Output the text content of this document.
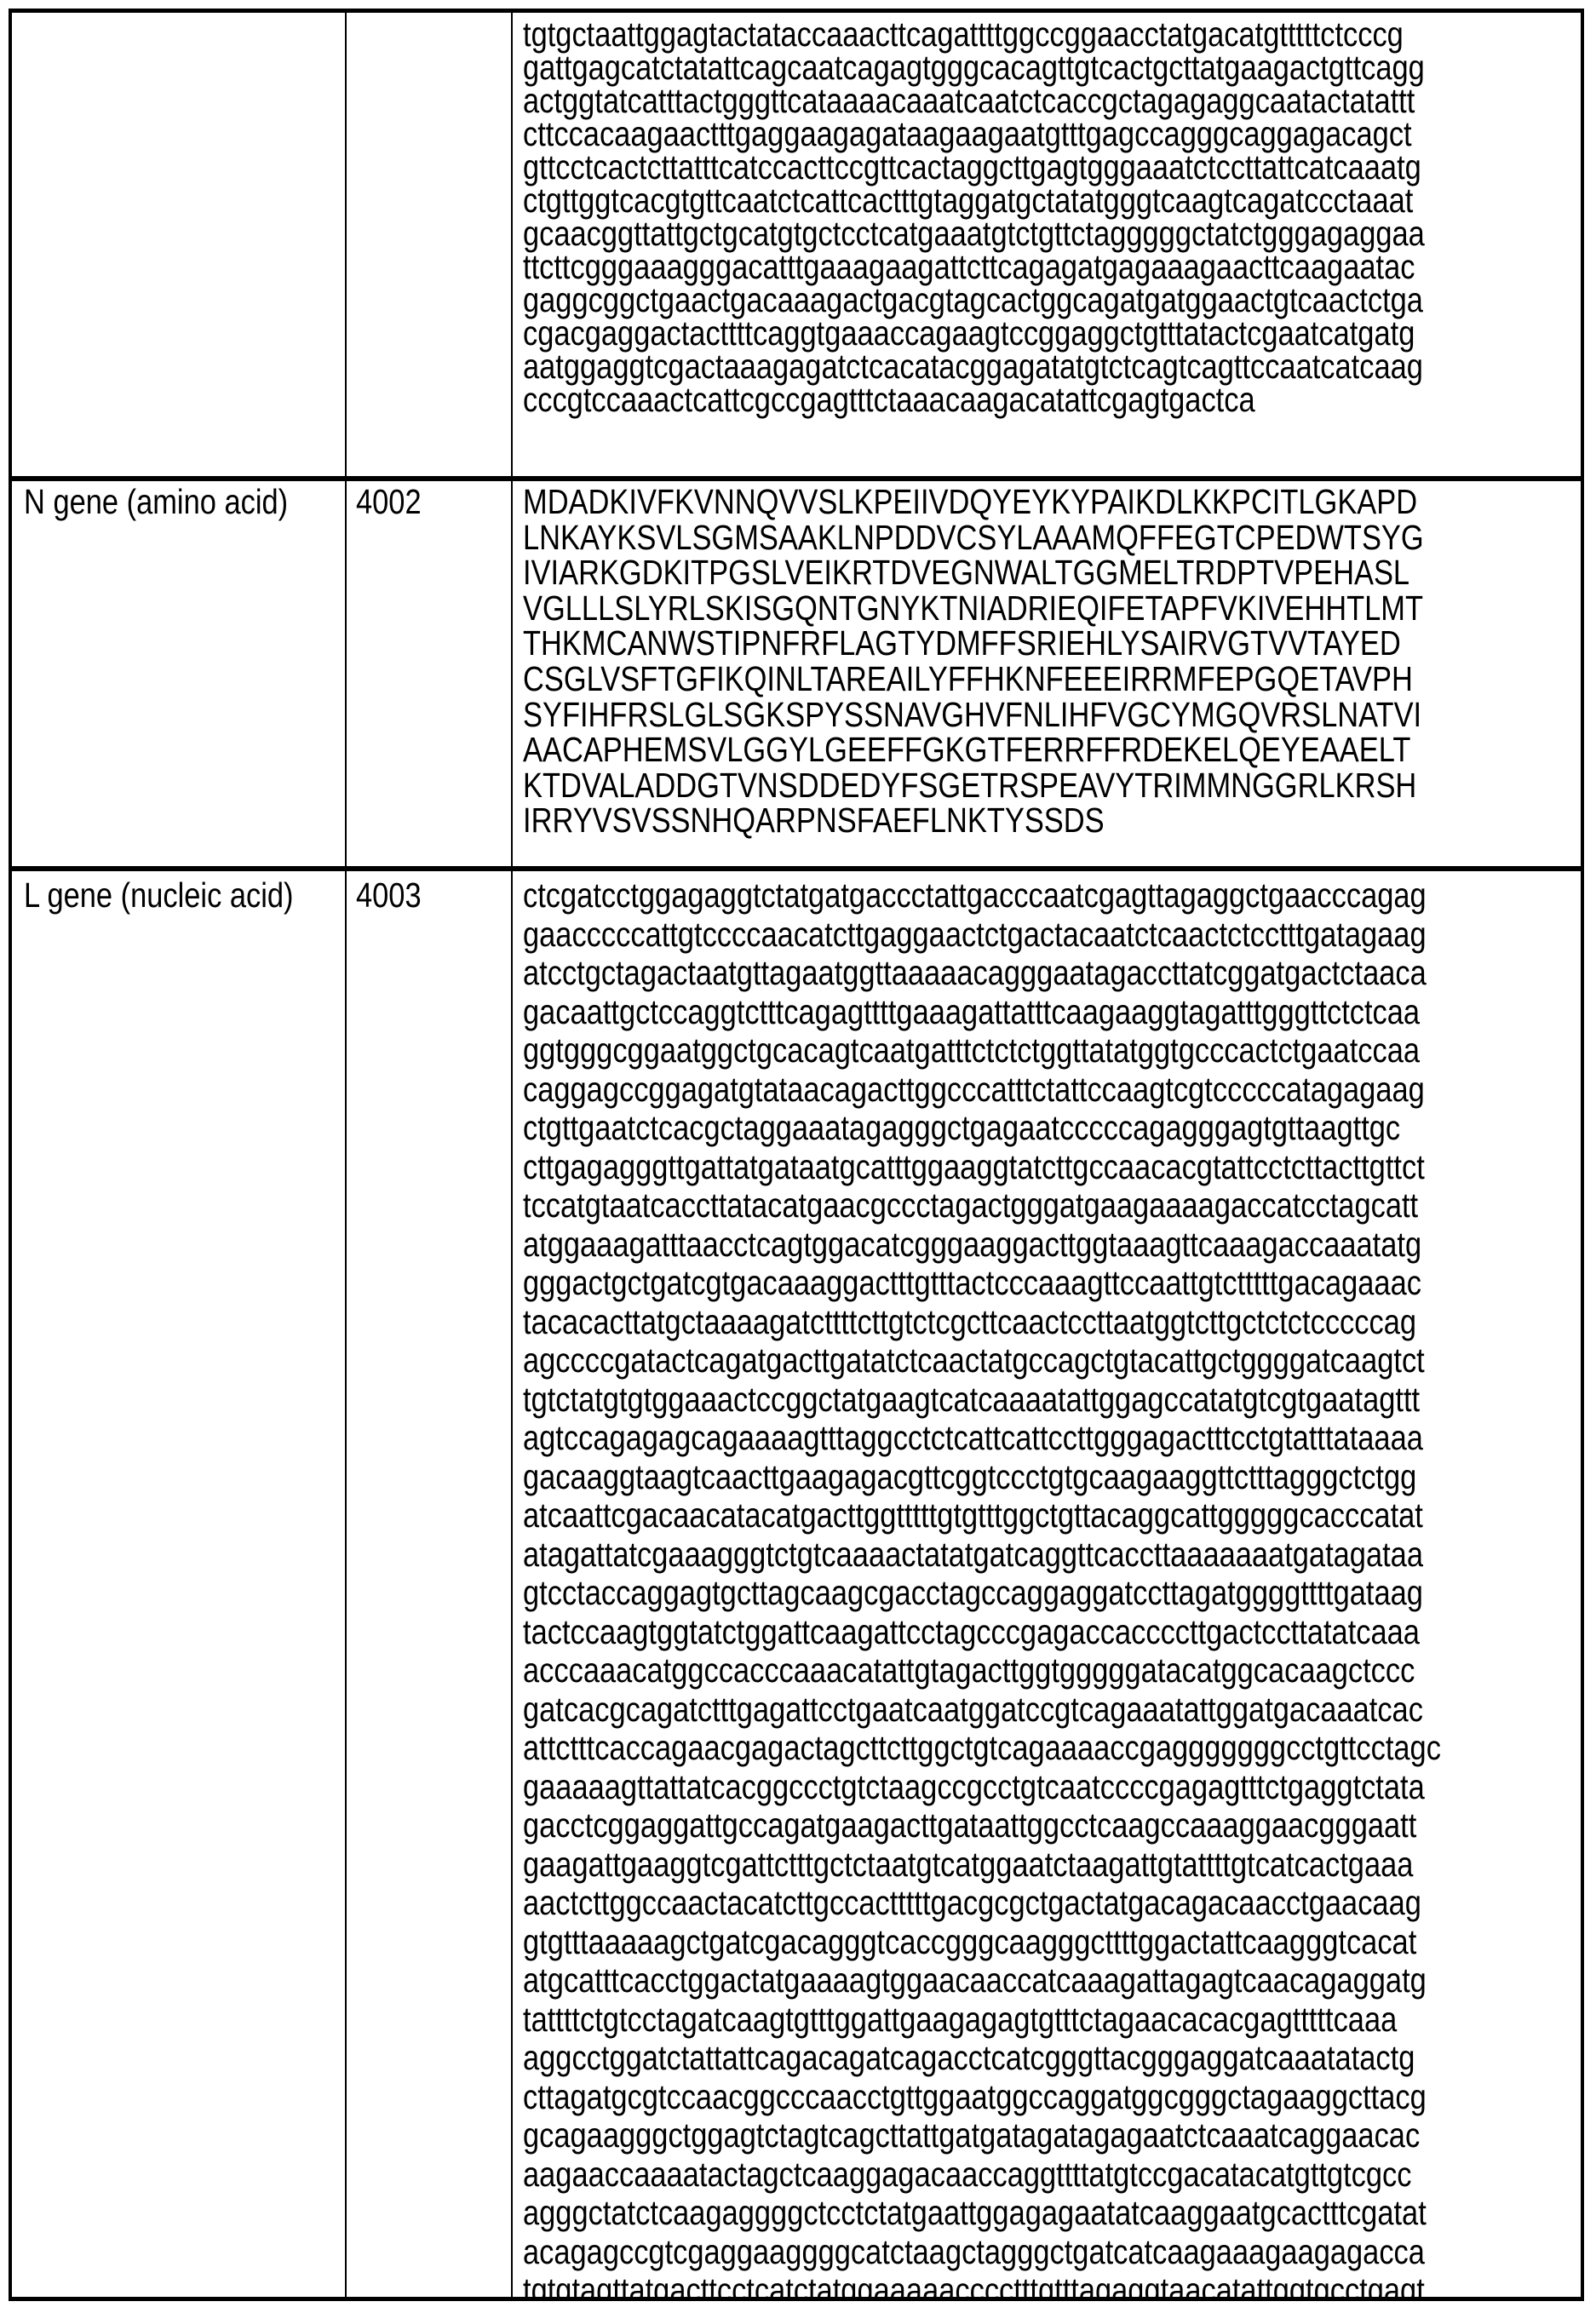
tgtgctaattggagtactataccaaacttcagattttggccggaacctatgacatgtttttctcccg
gattgagcatctatattcagcaatcagagtgggcacagttgtcactgcttatgaagactgttcagg
actggtatcatttactgggttcataaaacaaatcaatctcaccgctagagaggcaatactatattt
cttccacaagaactttgaggaagagataagaagaatgtttgagccagggcaggagacagct
gttcctcactcttatttcatccacttccgttcactaggcttgagtgggaaatctccttattcatcaaatg
ctgttggtcacgtgttcaatctcattcactttgtaggatgctatatgggtcaagtcagatccctaaat
gcaacggttattgctgcatgtgctcctcatgaaatgtctgttctagggggctatctgggagaggaa
ttcttcgggaaagggacatttgaaagaagattcttcagagatgagaaagaacttcaagaatac
gaggcggctgaactgacaaagactgacgtagcactggcagatgatggaactgtcaactctga
cgacgaggactacttttcaggtgaaaccagaagtccggaggctgtttatactcgaatcatgatg
aatggaggtcgactaaagagatctcacatacggagatatgtctcagtcagttccaatcatcaag
cccgtccaaactcattcgccgagtttctaaacaagacatattcgagtgactca
N gene (amino acid)	4002	MDADKIVFKVNNQVVSLKPEIIVDQYEYKYPAIKDLKKPCITLGKAPD
LNKAYKSVLSGMSAAKLNPDDVCSYLAAAMQFFEGTCPEDWTSYG
IVIARKGDKITPGSLVEIKRTDVEGNWALTGGMELTRDPTVPEHASL
VGLLLSLYRLSKISGQNTGNYKTNIADRIEQIFETAPFVKIVEHHTLMT
THKMCANWSTIPNFRFLAGTYDMFFSRIEHLYSAIRVGTVVTAYED
CSGLVSFTGFIKQINLTAREAILYFFHKNFEEEIRRMFEPGQETAVPH
SYFIHFRSLGLSGKSPYSSNAVGHVFNLIHFVGCYMGQVRSLNATVI
AACAPHEMSVLGGYLGEEFFGKGTFERRFFRDEKELQEYEAAELT
KTDVALADDGTVNSDDEDYFSGETRSPEAVYTRIMMNGGRLKRSH
IRRYVSVSSNHQARPNSFAEFLNKTYSSDS
L gene (nucleic acid)	4003	ctcgatcctggagaggtctatgatgaccctattgacccaatcgagttagaggctgaacccagag
gaacccccattgtccccaacatcttgaggaactctgactacaatctcaactctcctttgatagaag
atcctgctagactaatgttagaatggttaaaaacagggaatagaccttatcggatgactctaaca
gacaattgctccaggtctttcagagttttgaaagattatttcaagaaggtagatttgggttctctcaa
ggtgggcggaatggctgcacagtcaatgatttctctctggttatatggtgcccactctgaatccaa
caggagccggagatgtataacagacttggcccatttctattccaagtcgtcccccatagagaag
ctgttgaatctcacgctaggaaatagagggctgagaatcccccagagggagtgttaagttgc
cttgagagggttgattatgataatgcatttggaaggtatcttgccaacacgtattcctcttacttgttct
tccatgtaatcaccttatacatgaacgccctagactgggatgaagaaaagaccatcctagcatt
atggaaagatttaacctcagtggacatcgggaaggacttggtaaagttcaaagaccaaatatg
gggactgctgatcgtgacaaaggactttgtttactcccaaagttccaattgtctttttgacagaaac
tacacacttatgctaaaagatcttttcttgtctcgcttcaactccttaatggtcttgctctctcccccag
agccccgatactcagatgacttgatatctcaactatgccagctgtacattgctggggatcaagtct
tgtctatgtgtggaaactccggctatgaagtcatcaaaatattggagccatatgtcgtgaatagttt
agtccagagagcagaaaagtttaggcctctcattcattccttgggagactttcctgtatttataaaa
gacaaggtaagtcaacttgaagagacgttcggtccctgtgcaagaaggttctttagggctctgg
atcaattcgacaacatacatgacttggtttttgtgtttggctgttacaggcattgggggcacccatat
atagattatcgaaagggtctgtcaaaactatatgatcaggttcaccttaaaaaaatgatagataa
gtcctaccaggagtgcttagcaagcgacctagccaggaggatccttagatggggttttgataag
tactccaagtggtatctggattcaagattcctagcccgagaccaccccttgactccttatatcaaa
acccaaacatggccacccaaacatattgtagacttggtgggggatacatggcacaagctccc
gatcacgcagatctttgagattcctgaatcaatggatccgtcagaaatattggatgacaaatcac
attctttcaccagaacgagactagcttcttggctgtcagaaaaccgagggggggcctgttcctagc
gaaaaagttattatcacggccctgtctaagccgcctgtcaatccccgagagtttctgaggtctata
gacctcggaggattgccagatgaagacttgataattggcctcaagccaaaggaacgggaatt
gaagattgaaggtcgattctttgctctaatgtcatggaatctaagattgtattttgtcatcactgaaa
aactcttggccaactacatcttgccactttttgacgcgctgactatgacagacaacctgaacaag
gtgtttaaaaagctgatcgacagggtcaccgggcaagggcttttggactattcaagggtcacat
atgcatttcacctggactatgaaaagtggaacaaccatcaaagattagagtcaacagaggatg
tattttctgtcctagatcaagtgtttggattgaagagagtgtttctagaacacacgagtttttcaaa
aggcctggatctattattcagacagatcagacctcatcgggttacgggaggatcaaatatactg
cttagatgcgtccaacggcccaacctgttggaatggccaggatggcgggctagaaggcttacg
gcagaagggctggagtctagtcagcttattgatgatagatagagaatctcaaatcaggaacac
aagaaccaaaatactagctcaaggagacaaccaggttttatgtccgacatacatgttgtcgcc
agggctatctcaagaggggctcctctatgaattggagagaatatcaaggaatgcactttcgatat
acagagccgtcgaggaaggggcatctaagctagggctgatcatcaagaaagaagagacca
tgtgtagttatgacttcctcatctatggaaaaacccctttgtttagaggtaacatattggtgcctgagt
